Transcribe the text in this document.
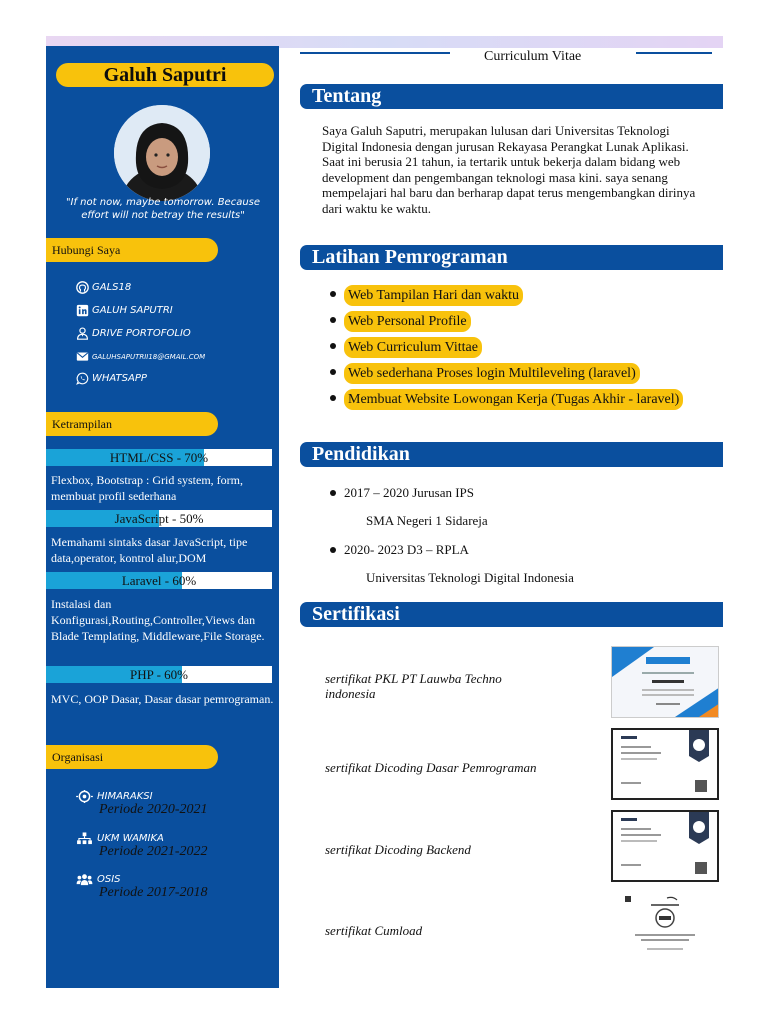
Galuh Saputri
"If not now, maybe tomorrow. Because effort will not betray the results"
Hubungi Saya
GALS18
GALUH SAPUTRI
DRIVE PORTOFOLIO
GALUHSAPUTRII18@GMAIL.COM
WHATSAPP
Ketrampilan
HTML/CSS - 70%
Flexbox, Bootstrap : Grid system, form, membuat profil sederhana
JavaScript - 50%
Memahami sintaks dasar JavaScript, tipe data,operator, kontrol alur,DOM
Laravel - 60%
Instalasi dan Konfigurasi,Routing,Controller,Views dan Blade Templating, Middleware,File Storage.
PHP - 60%
MVC, OOP Dasar, Dasar dasar pemrograman.
Organisasi
HIMARAKSI
Periode 2020-2021
UKM WAMIKA
Periode 2021-2022
OSIS
Periode 2017-2018
Curriculum Vitae
Tentang
Saya Galuh Saputri, merupakan lulusan dari Universitas Teknologi Digital Indonesia dengan jurusan Rekayasa Perangkat Lunak Aplikasi. Saat ini berusia 21 tahun, ia tertarik untuk bekerja dalam bidang web development dan pengembangan teknologi masa kini. saya senang mempelajari hal baru dan berharap dapat terus mengembangkan dirinya dari waktu ke waktu.
Latihan Pemrograman
Web Tampilan Hari dan waktu
Web Personal Profile
Web Curriculum Vittae
Web sederhana Proses login Multileveling (laravel)
Membuat Website Lowongan Kerja (Tugas Akhir - laravel)
Pendidikan
2017 – 2020 Jurusan IPS
SMA Negeri 1 Sidareja
2020- 2023 D3 – RPLA
Universitas Teknologi Digital Indonesia
Sertifikasi
sertifikat PKL PT Lauwba Techno indonesia
sertifikat Dicoding Dasar Pemrograman
sertifikat Dicoding Backend
sertifikat Cumload
